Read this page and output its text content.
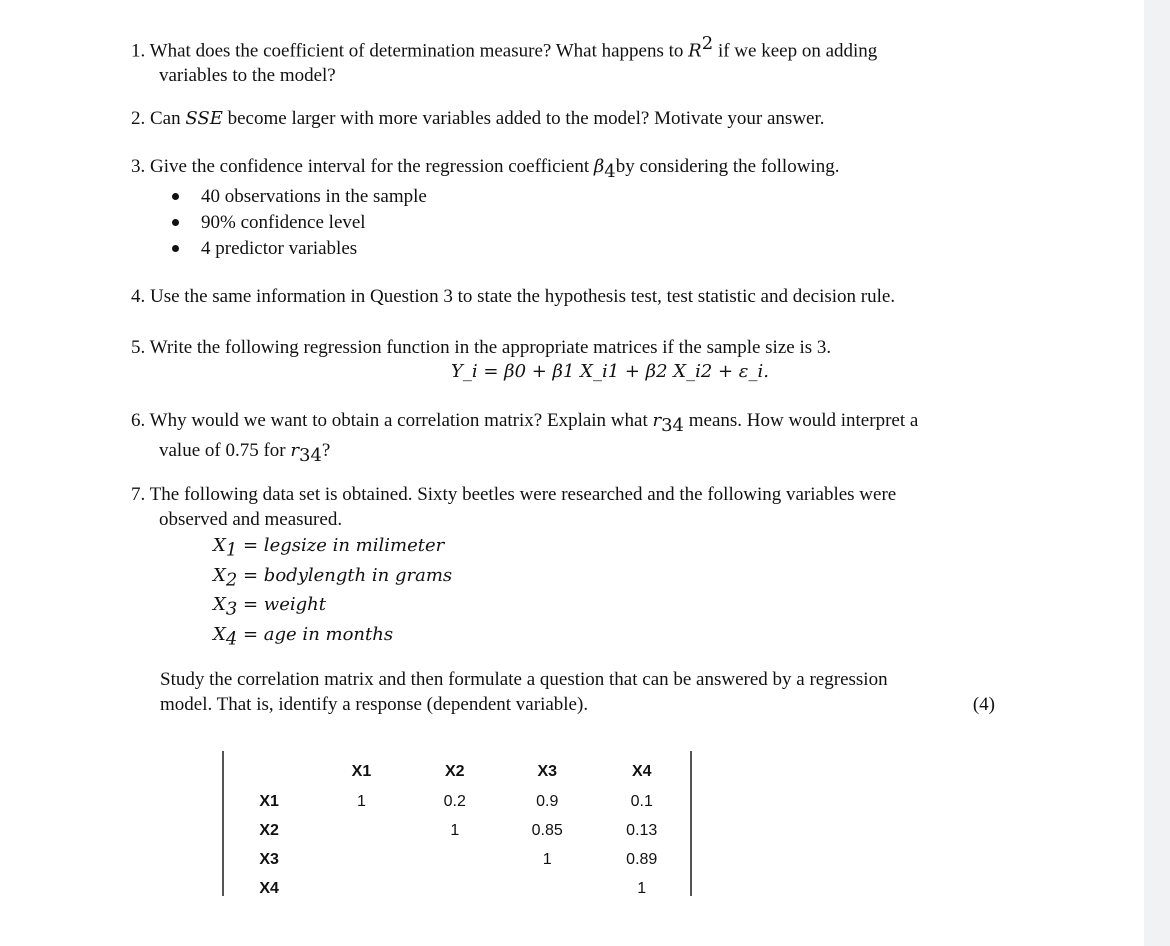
1. What does the coefficient of determination measure? What happens to $R^2$ if we keep on adding
variables to the model?
2. Can SSE become larger with more variables added to the model? Motivate your answer.
3. Give the confidence interval for the regression coefficient $\beta_4by$ considering the following.
40 observations in the sample
90% confidence level
4 predictor variables
4. Use the same information in Question 3 to state the hypothesis test, test statistic and decision rule.
5. Write the following regression function in the appropriate matrices if the sample size is 3.
Y_i = β0 + β1 X_i1 + β2 X_i2 + ε_i.
6. Why would we want to obtain a correlation matrix? Explain what $r_{34}$ means. How would interpret a
value of 0.75 for $r_{34}$?
7. The following data set is obtained. Sixty beetles were researched and the following variables were
observed and measured.
$X_1$ = legsize in milimeter
$X_2$ = bodylength in grams
$X_3$ = weight
$X_4$ = age in months
Study the correlation matrix and then formulate a question that can be answered by a regression
model. That is, identify a response (dependent variable).	(4)
	X1	X2	X3	X4
X1	1	0.2	0.9	0.1
X2		1	0.85	0.13
X3			1	0.89
X4				1
